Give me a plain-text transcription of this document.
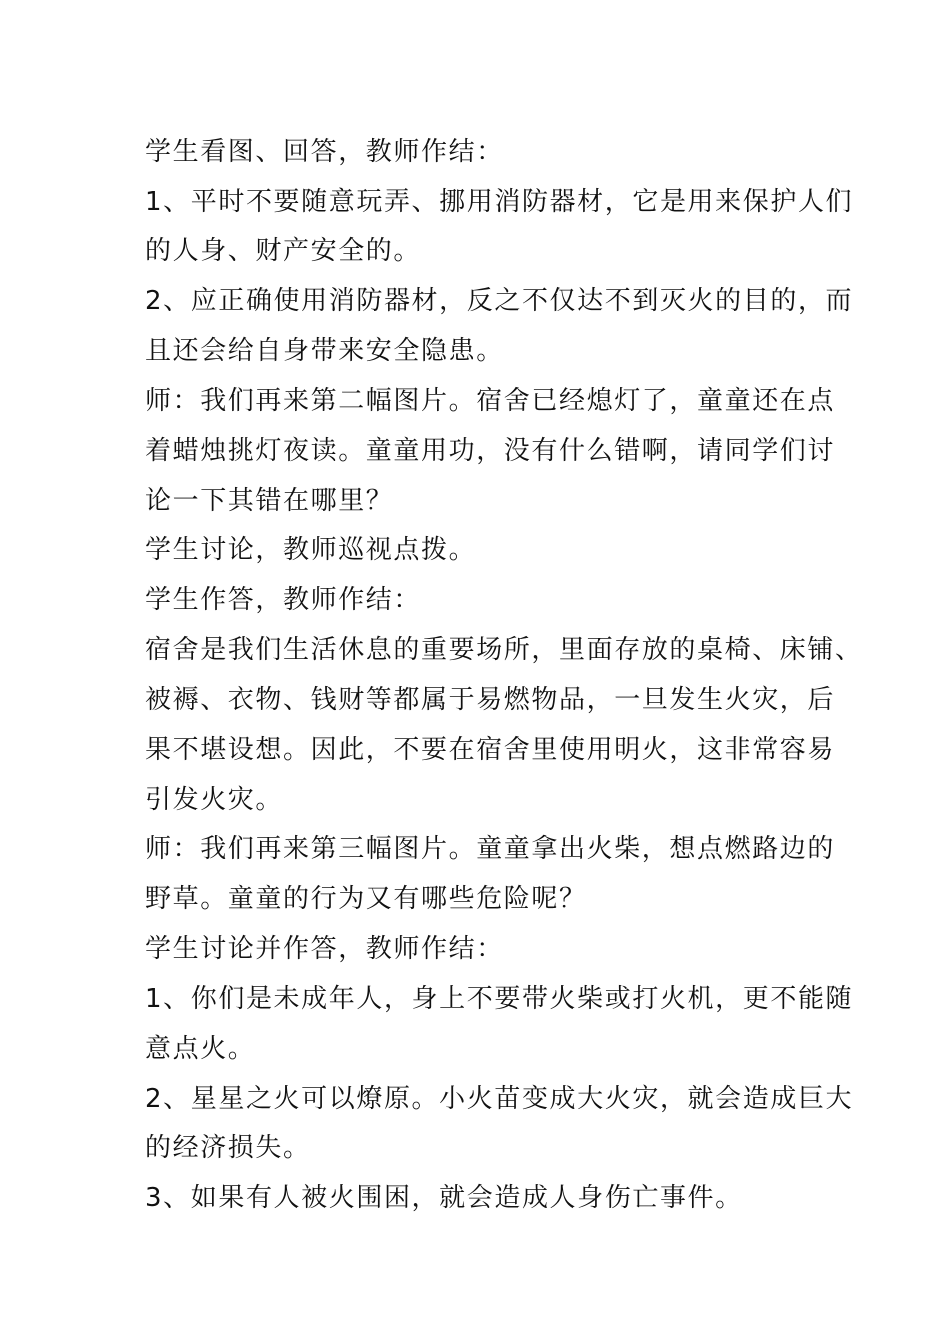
学生看图、回答，教师作结：
1、平时不要随意玩弄、挪用消防器材，它是用来保护人们
的人身、财产安全的。
2、应正确使用消防器材，反之不仅达不到灭火的目的，而
且还会给自身带来安全隐患。
师：我们再来第二幅图片。宿舍已经熄灯了，童童还在点
着蜡烛挑灯夜读。童童用功，没有什么错啊，请同学们讨
论一下其错在哪里？
学生讨论，教师巡视点拨。
学生作答，教师作结：
宿舍是我们生活休息的重要场所，里面存放的桌椅、床铺、
被褥、衣物、钱财等都属于易燃物品，一旦发生火灾，后
果不堪设想。因此，不要在宿舍里使用明火，这非常容易
引发火灾。
师：我们再来第三幅图片。童童拿出火柴，想点燃路边的
野草。童童的行为又有哪些危险呢？
学生讨论并作答，教师作结：
1、你们是未成年人，身上不要带火柴或打火机，更不能随
意点火。
2、星星之火可以燎原。小火苗变成大火灾，就会造成巨大
的经济损失。
3、如果有人被火围困，就会造成人身伤亡事件。
